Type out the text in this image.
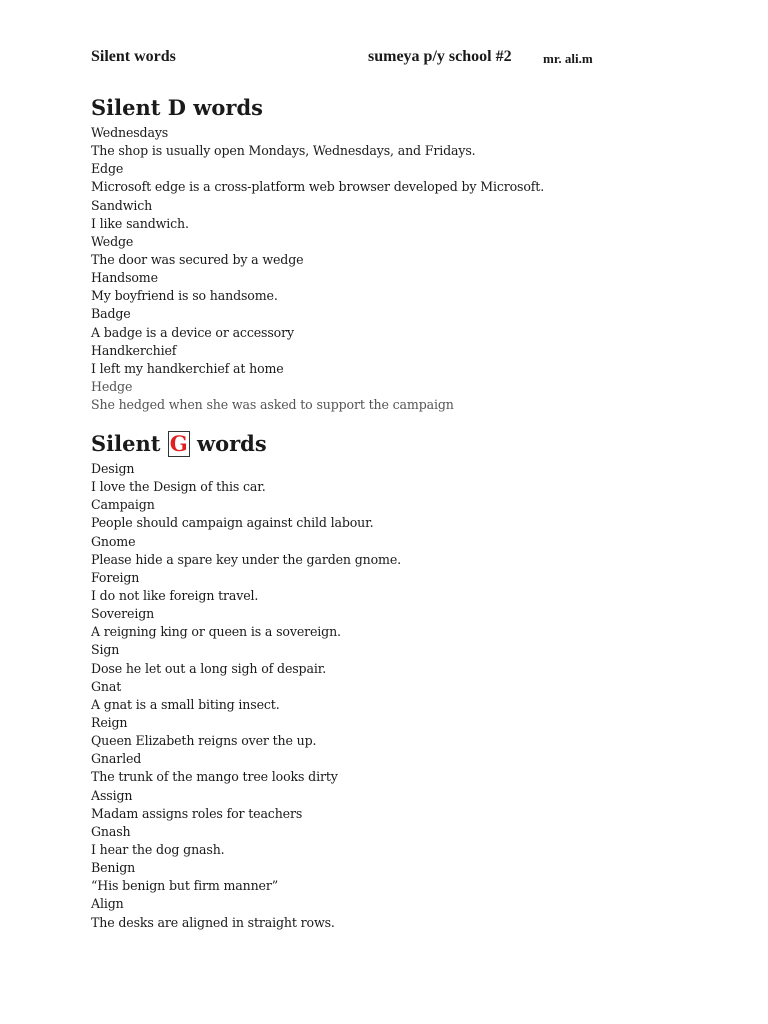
Silent words	sumeya p/y school #2 mr. ali.m
Silent D words
Wednesdays
The shop is usually open Mondays, Wednesdays, and Fridays.
Edge
Microsoft edge is a cross-platform web browser developed by Microsoft.
Sandwich
I like sandwich.
Wedge
The door was secured by a wedge
Handsome
My boyfriend is so handsome.
Badge
A badge is a device or accessory
Handkerchief
I left my handkerchief at home
Hedge
She hedged when she was asked to support the campaign
Silent G words
Design
I love the Design of this car.
Campaign
People should campaign against child labour.
Gnome
Please hide a spare key under the garden gnome.
Foreign
I do not like foreign travel.
Sovereign
A reigning king or queen is a sovereign.
Sign
Dose he let out a long sigh of despair.
Gnat
A gnat is a small biting insect.
Reign
Queen Elizabeth reigns over the up.
Gnarled
The trunk of the mango tree looks dirty
Assign
Madam assigns roles for teachers
Gnash
I hear the dog gnash.
Benign
“His benign but firm manner”
Align
The desks are aligned in straight rows.
